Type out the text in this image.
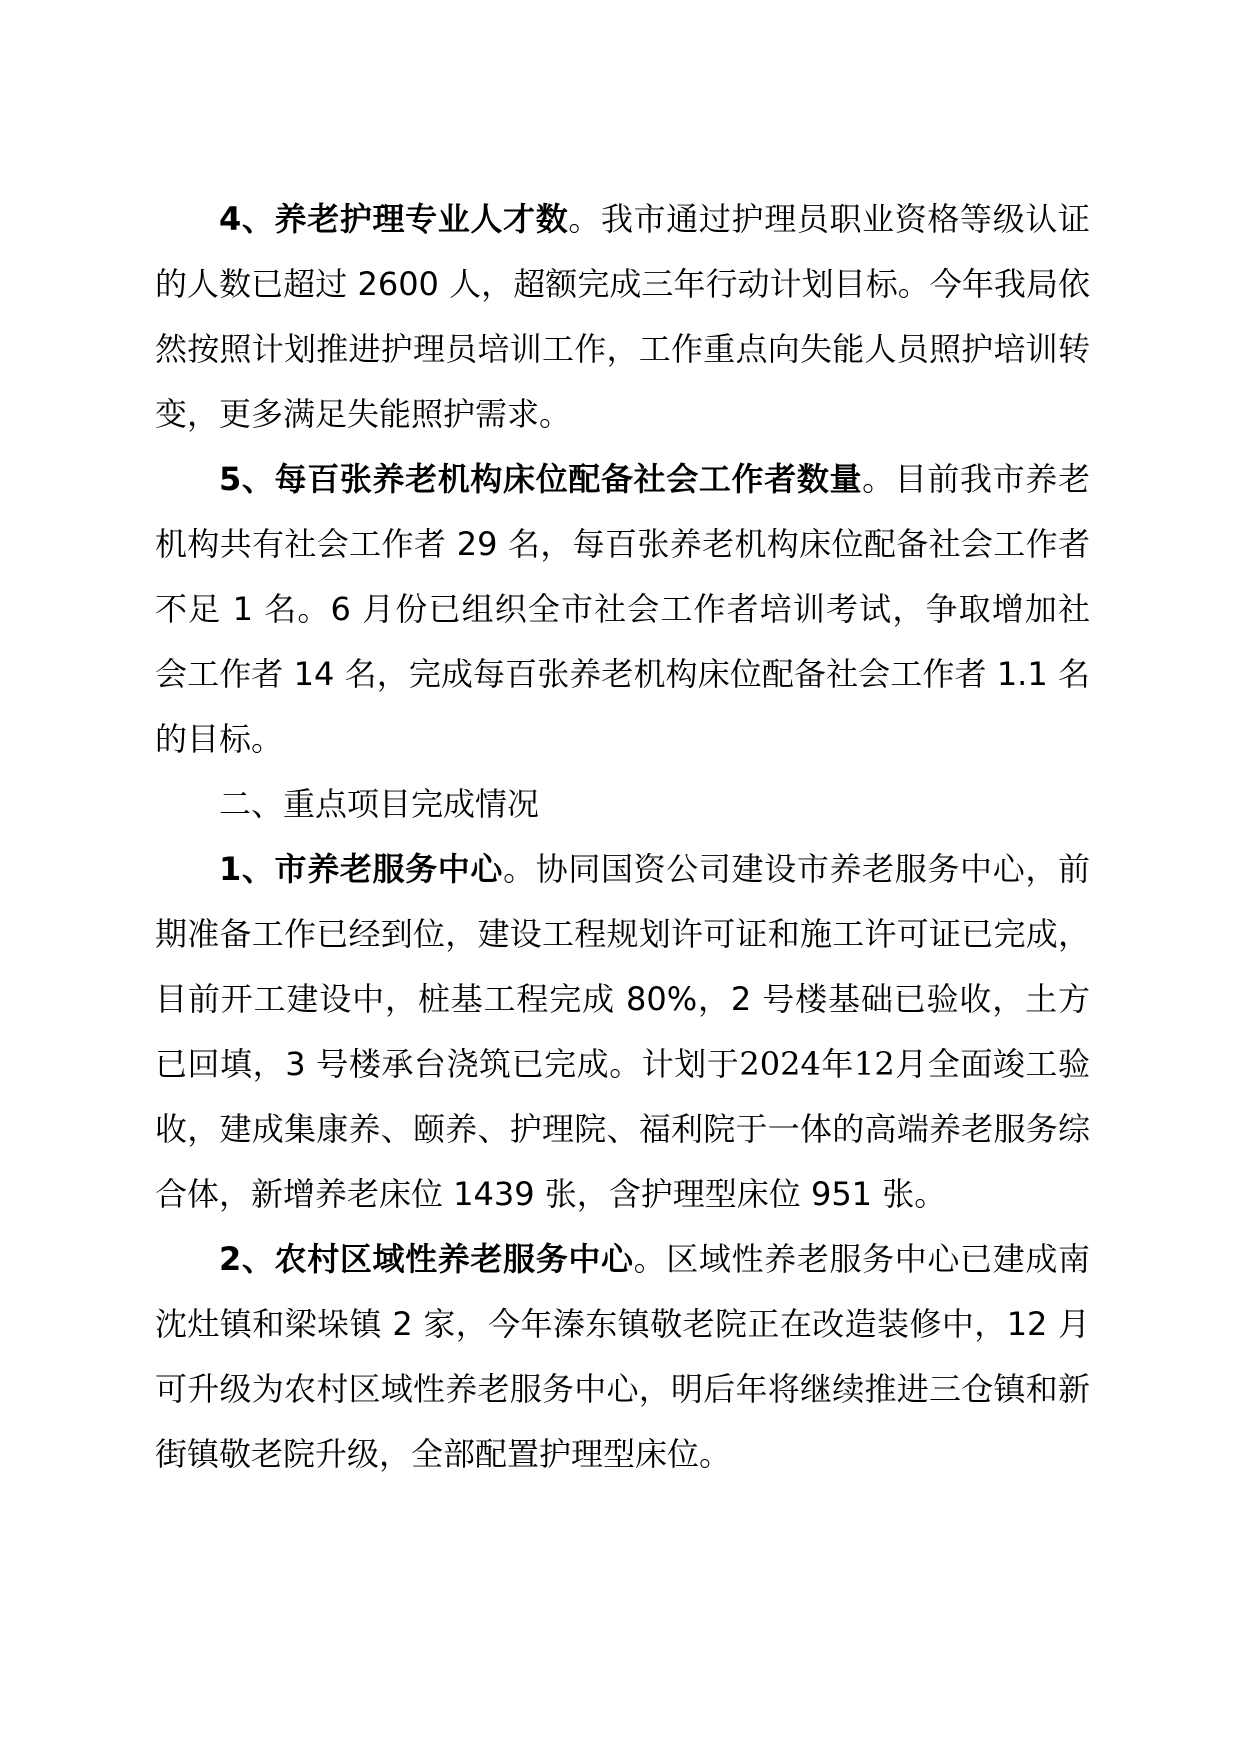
4、养老护理专业人才数。我市通过护理员职业资格等级认证的人数已超过 2600 人，超额完成三年行动计划目标。今年我局依然按照计划推进护理员培训工作，工作重点向失能人员照护培训转变，更多满足失能照护需求。

5、每百张养老机构床位配备社会工作者数量。目前我市养老机构共有社会工作者 29 名，每百张养老机构床位配备社会工作者不足 1 名。6 月份已组织全市社会工作者培训考试，争取增加社会工作者 14 名，完成每百张养老机构床位配备社会工作者 1.1 名的目标。

二、重点项目完成情况

1、市养老服务中心。协同国资公司建设市养老服务中心，前期准备工作已经到位，建设工程规划许可证和施工许可证已完成，目前开工建设中，桩基工程完成 80%，2 号楼基础已验收，土方已回填，3 号楼承台浇筑已完成。计划于2024年12月全面竣工验收，建成集康养、颐养、护理院、福利院于一体的高端养老服务综合体，新增养老床位 1439 张，含护理型床位 951 张。

2、农村区域性养老服务中心。区域性养老服务中心已建成南沈灶镇和梁垛镇 2 家，今年溱东镇敬老院正在改造装修中，12 月可升级为农村区域性养老服务中心，明后年将继续推进三仓镇和新街镇敬老院升级，全部配置护理型床位。
